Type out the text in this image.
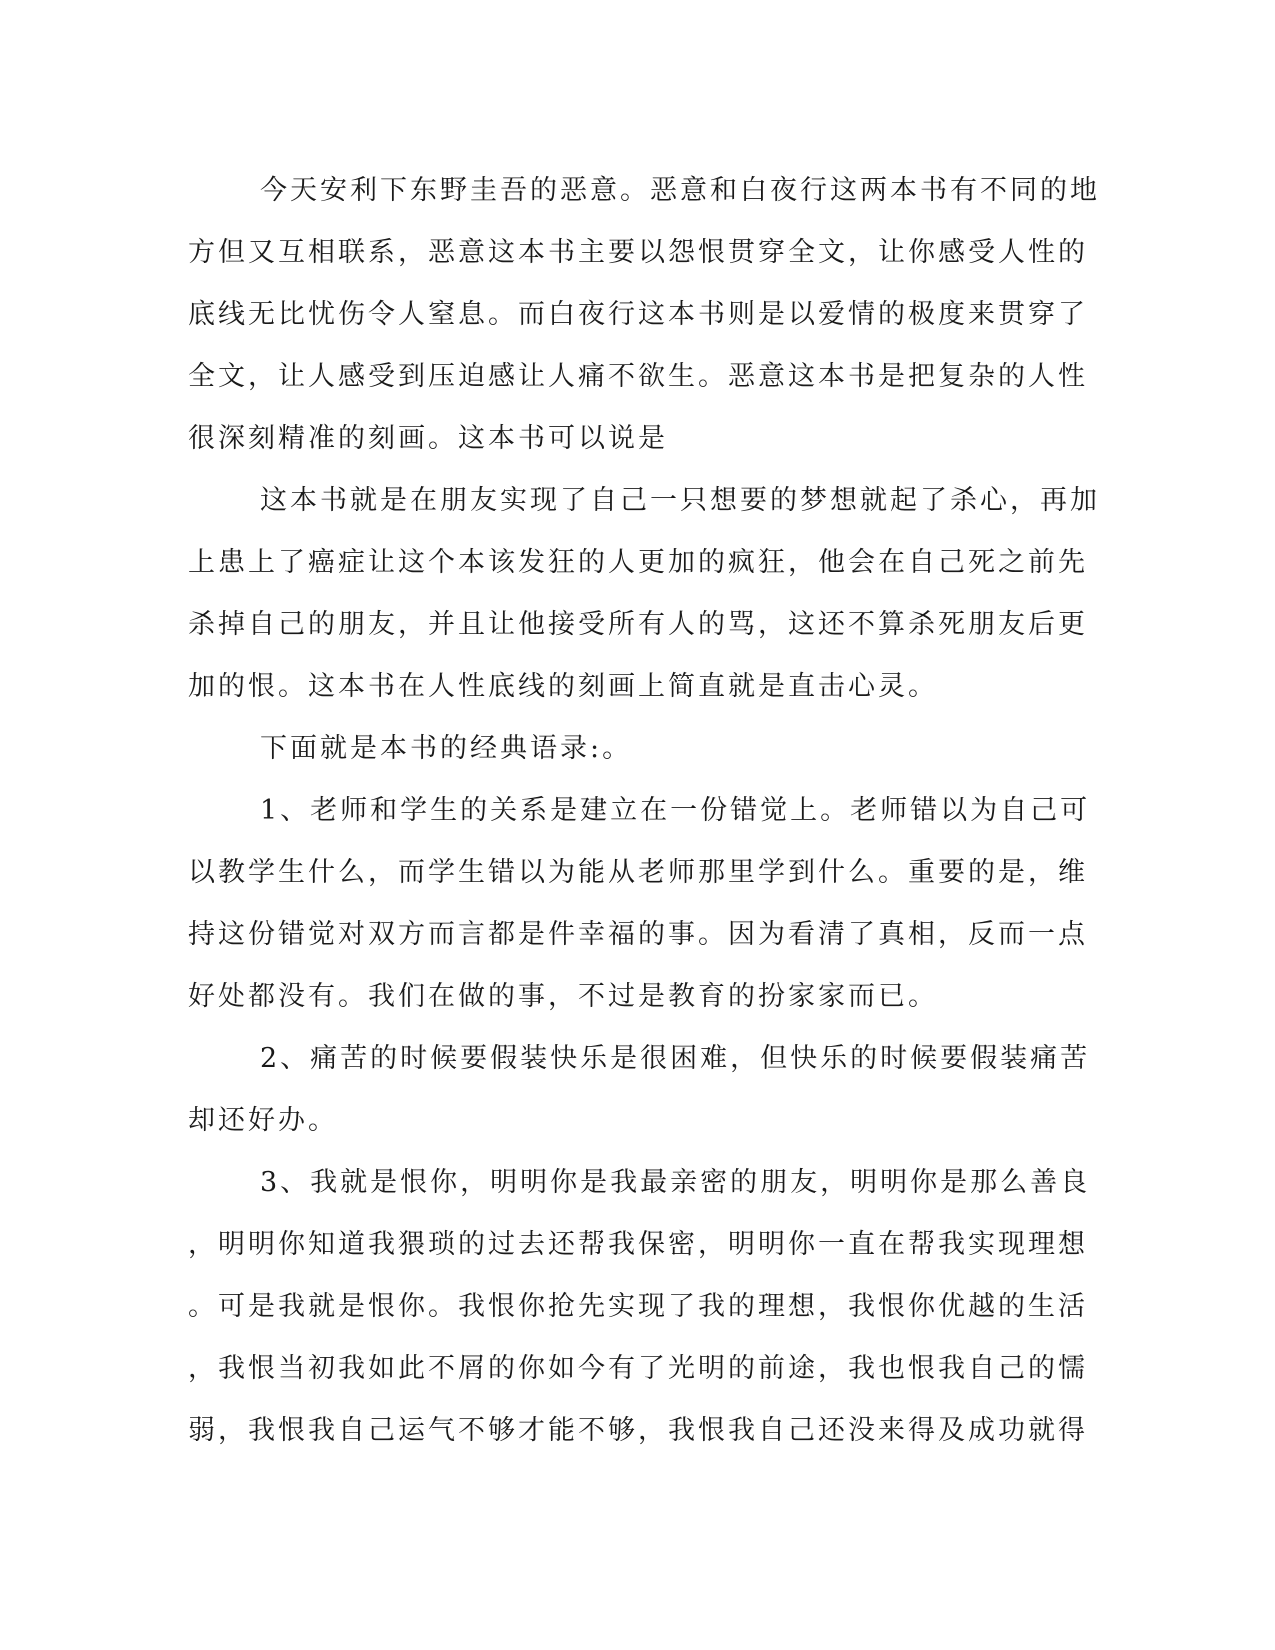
今天安利下东野圭吾的恶意。恶意和白夜行这两本书有不同的地
方但又互相联系，恶意这本书主要以怨恨贯穿全文，让你感受人性的
底线无比忧伤令人窒息。而白夜行这本书则是以爱情的极度来贯穿了
全文，让人感受到压迫感让人痛不欲生。恶意这本书是把复杂的人性
很深刻精准的刻画。这本书可以说是

这本书就是在朋友实现了自己一只想要的梦想就起了杀心，再加
上患上了癌症让这个本该发狂的人更加的疯狂，他会在自己死之前先
杀掉自己的朋友，并且让他接受所有人的骂，这还不算杀死朋友后更
加的恨。这本书在人性底线的刻画上简直就是直击心灵。

下面就是本书的经典语录:。

1、老师和学生的关系是建立在一份错觉上。老师错以为自己可
以教学生什么，而学生错以为能从老师那里学到什么。重要的是，维
持这份错觉对双方而言都是件幸福的事。因为看清了真相，反而一点
好处都没有。我们在做的事，不过是教育的扮家家而已。

2、痛苦的时候要假装快乐是很困难，但快乐的时候要假装痛苦
却还好办。

3、我就是恨你，明明你是我最亲密的朋友，明明你是那么善良
，明明你知道我猥琐的过去还帮我保密，明明你一直在帮我实现理想
。可是我就是恨你。我恨你抢先实现了我的理想，我恨你优越的生活
，我恨当初我如此不屑的你如今有了光明的前途，我也恨我自己的懦
弱，我恨我自己运气不够才能不够，我恨我自己还没来得及成功就得
